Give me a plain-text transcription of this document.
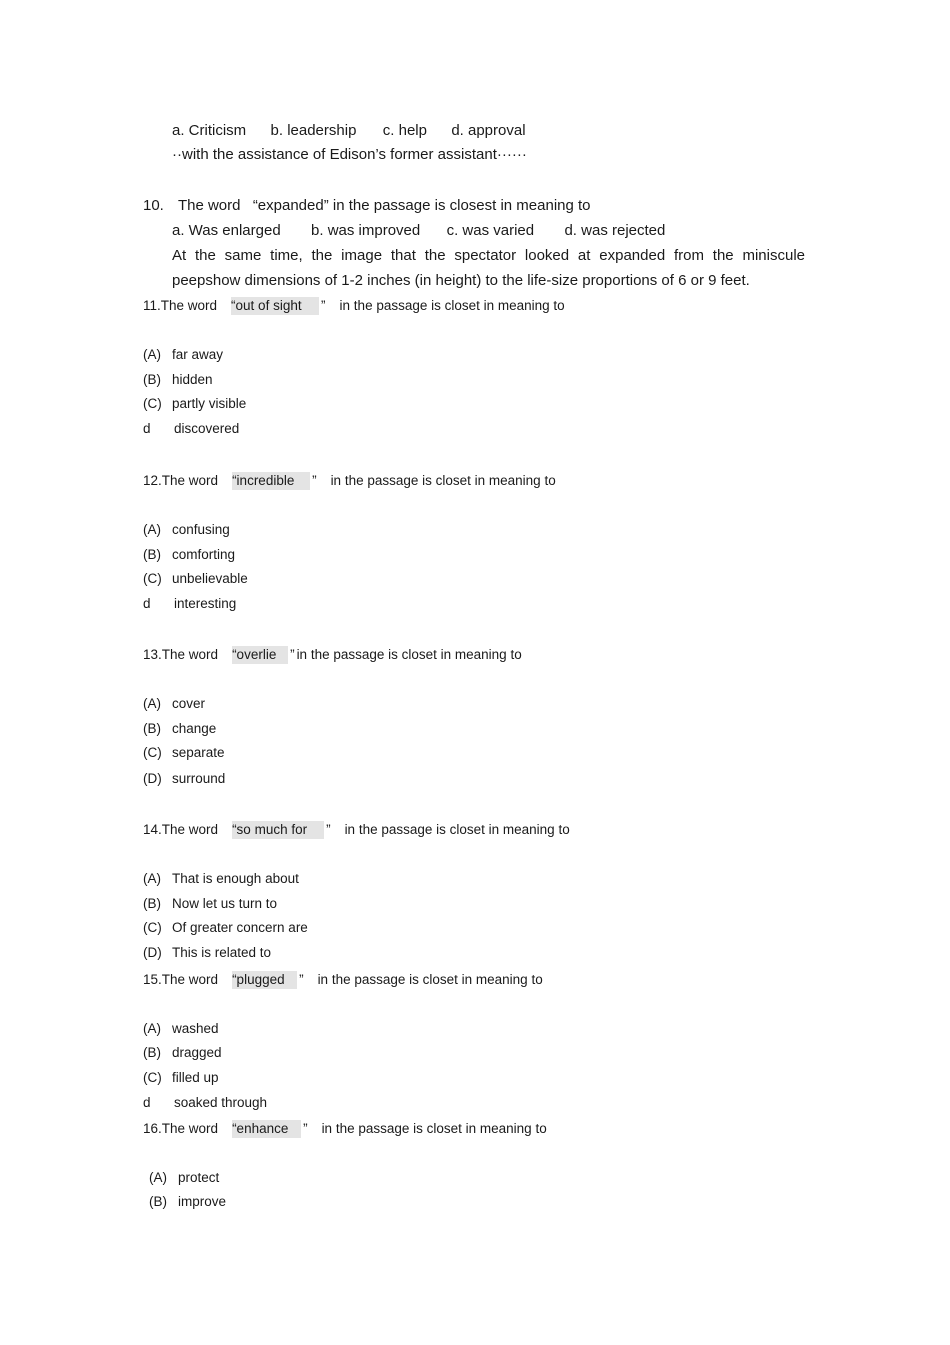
a. Criticism b. leadership c. help d. approval
··with the assistance of Edison’s former assistant······
10. The word “expanded” in the passage is closest in meaning to
a. Was enlarged b. was improved c. was varied d. was rejected
At the same time, the image that the spectator looked at expanded from the miniscule
peepshow dimensions of 1-2 inches (in height) to the life-size proportions of 6 or 9 feet.
11.The word “out of sight ” in the passage is closet in meaning to
(A) far away
(B) hidden
(C) partly visible
d discovered
12.The word “incredible ” in the passage is closet in meaning to
(A) confusing
(B) comforting
(C) unbelievable
d interesting
13.The word “overlie ” in the passage is closet in meaning to
(A) cover
(B) change
(C) separate
(D) surround
14.The word “so much for ” in the passage is closet in meaning to
(A) That is enough about
(B) Now let us turn to
(C) Of greater concern are
(D) This is related to
15.The word “plugged ” in the passage is closet in meaning to
(A) washed
(B) dragged
(C) filled up
d soaked through
16.The word “enhance ” in the passage is closet in meaning to
(A) protect
(B) improve
